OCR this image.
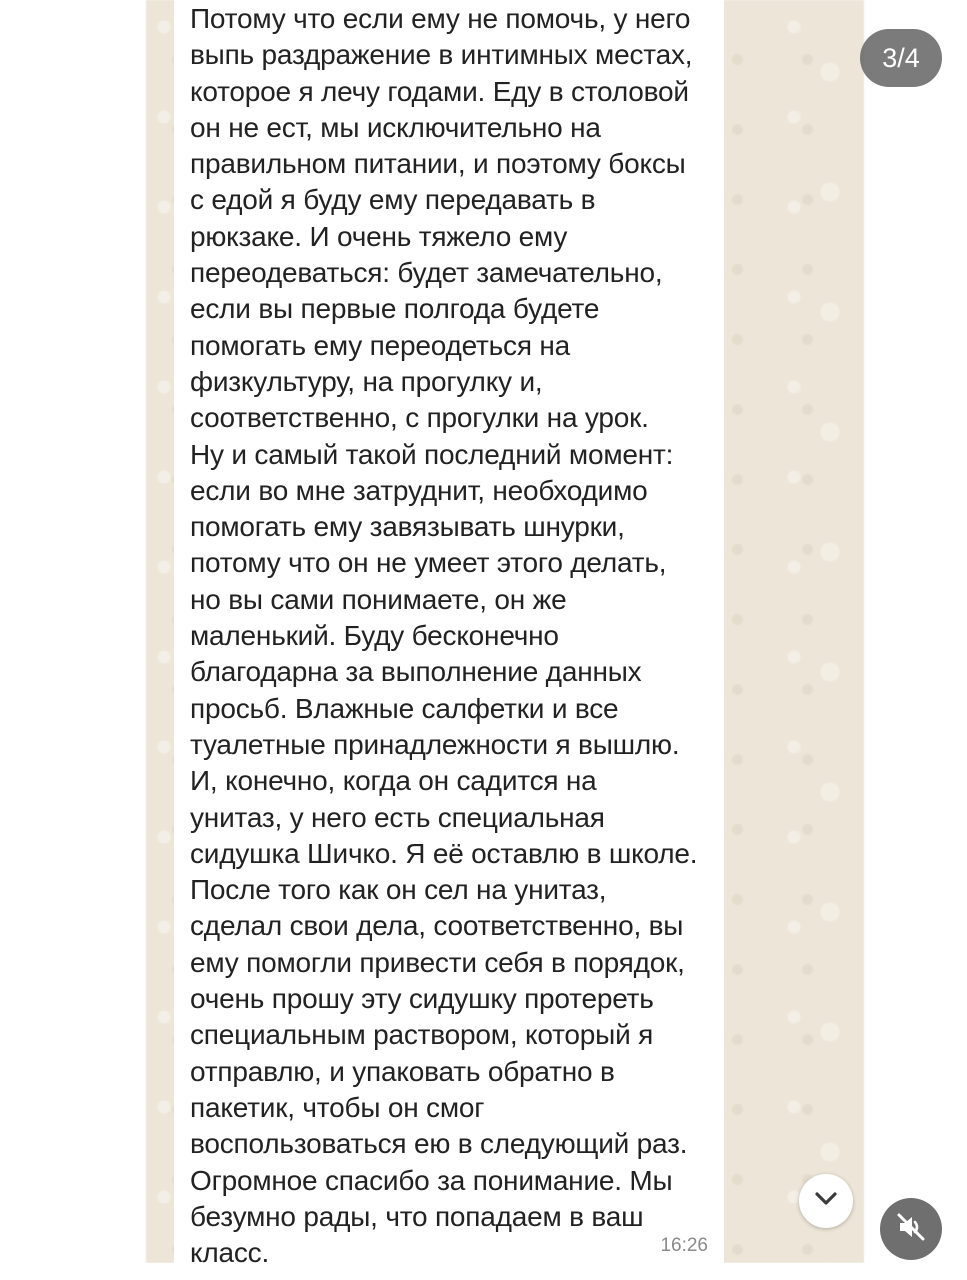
Потому что если ему не помочь, у него
выпь раздражение в интимных местах,
которое я лечу годами. Еду в столовой
он не ест, мы исключительно на
правильном питании, и поэтому боксы
с едой я буду ему передавать в
рюкзаке. И очень тяжело ему
переодеваться: будет замечательно,
если вы первые полгода будете
помогать ему переодеться на
физкультуру, на прогулку и,
соответственно, с прогулки на урок.
Ну и самый такой последний момент:
если во мне затруднит, необходимо
помогать ему завязывать шнурки,
потому что он не умеет этого делать,
но вы сами понимаете, он же
маленький. Буду бесконечно
благодарна за выполнение данных
просьб. Влажные салфетки и все
туалетные принадлежности я вышлю.
И, конечно, когда он садится на
унитаз, у него есть специальная
сидушка Шичко. Я её оставлю в школе.
После того как он сел на унитаз,
сделал свои дела, соответственно, вы
ему помогли привести себя в порядок,
очень прошу эту сидушку протереть
специальным раствором, который я
отправлю, и упаковать обратно в
пакетик, чтобы он смог
воспользоваться ею в следующий раз.
Огромное спасибо за понимание. Мы
безумно рады, что попадаем в ваш
класс.	16:26
3/4
